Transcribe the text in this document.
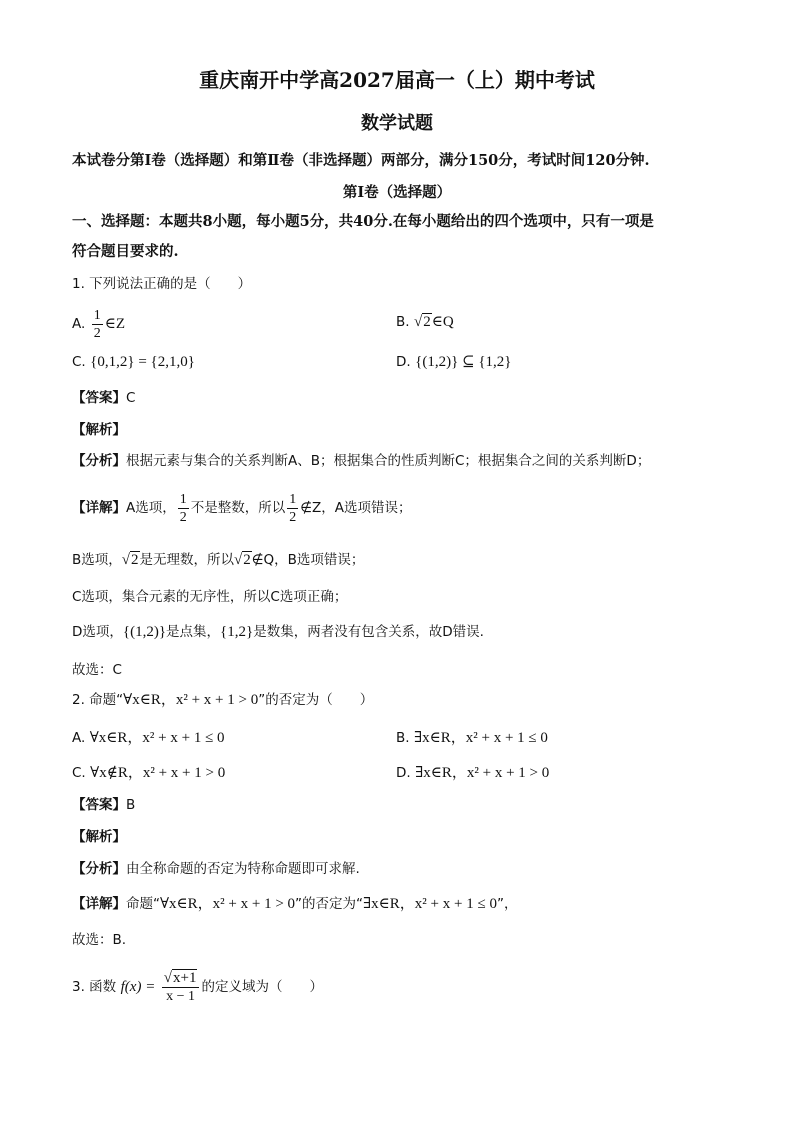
重庆南开中学高2027届高一（上）期中考试
数学试题
本试卷分第Ⅰ卷（选择题）和第Ⅱ卷（非选择题）两部分，满分150分，考试时间120分钟.
第Ⅰ卷（选择题）
一、选择题：本题共8小题，每小题5分，共40分.在每小题给出的四个选项中，只有一项是
符合题目要求的.
1. 下列说法正确的是（　　）
A. $\frac{1}{2}$ ∈Z	B. √2∈Q
C. {0,1,2} = {2,1,0}	D. {(1,2)} ⊆ {1,2}
【答案】C
【解析】
【分析】根据元素与集合的关系判断A、B；根据集合的性质判断C；根据集合之间的关系判断D；
【详解】A选项， $\frac{1}{2}$ 不是整数，所以 $\frac{1}{2}$ ∉Z，A选项错误；
B选项，√2是无理数，所以√2∉Q，B选项错误；
C选项，集合元素的无序性，所以C选项正确；
D选项，{(1,2)}是点集，{1,2}是数集，两者没有包含关系，故D错误.
故选：C
2. 命题“∀x∈R，x² + x + 1 > 0”的否定为（　　）
A. ∀x∈R，x² + x + 1 ≤ 0	B. ∃x∈R，x² + x + 1 ≤ 0
C. ∀x∉R，x² + x + 1 > 0	D. ∃x∈R，x² + x + 1 > 0
【答案】B
【解析】
【分析】由全称命题的否定为特称命题即可求解.
【详解】命题“∀x∈R，x² + x + 1 > 0”的否定为“∃x∈R，x² + x + 1 ≤ 0”，
故选：B.
3. 函数 $f(x) = \frac{√x+1}{x - 1}$ 的定义域为（　　）
